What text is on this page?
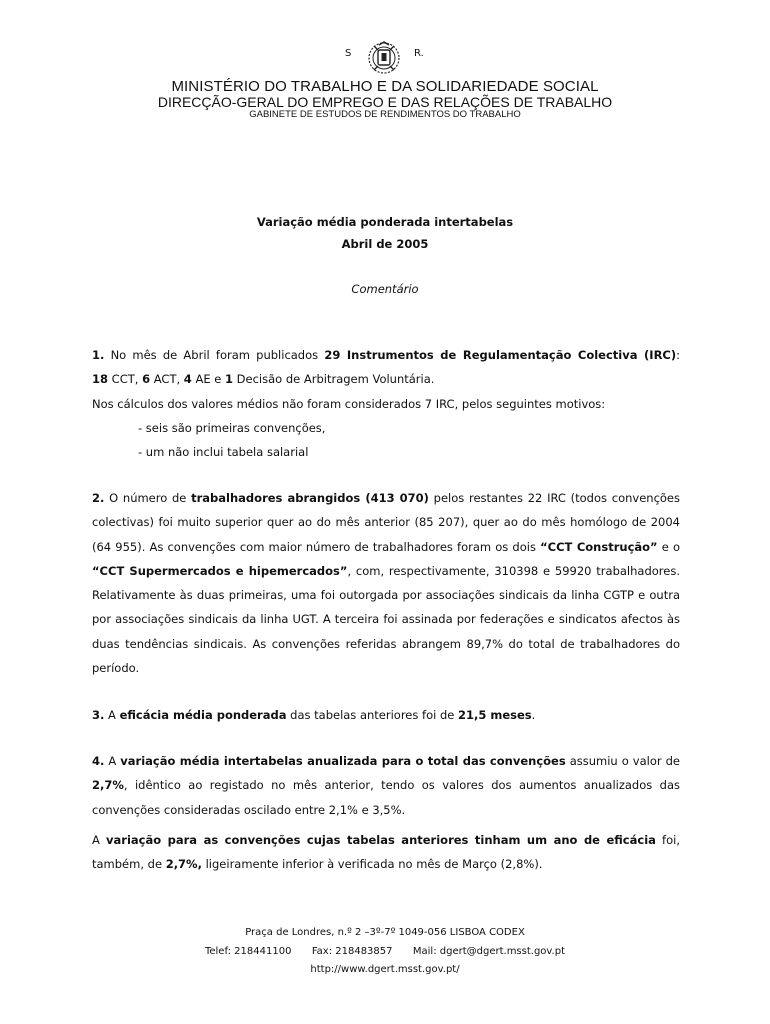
S	R.
MINISTÉRIO DO TRABALHO E DA SOLIDARIEDADE SOCIAL
DIRECÇÃO-GERAL DO EMPREGO E DAS RELAÇÕES DE TRABALHO
GABINETE DE ESTUDOS DE RENDIMENTOS DO TRABALHO
Variação média ponderada intertabelas
Abril de 2005
Comentário

1. No mês de Abril foram publicados 29 Instrumentos de Regulamentação Colectiva (IRC):

18 CCT, 6 ACT, 4 AE e 1 Decisão de Arbitragem Voluntária.

Nos cálculos dos valores médios não foram considerados 7 IRC, pelos seguintes motivos:

- seis são primeiras convenções,

- um não inclui tabela salarial

2. O número de trabalhadores abrangidos (413 070) pelos restantes 22 IRC (todos convenções colectivas) foi muito superior quer ao do mês anterior (85 207), quer ao do mês homólogo de 2004 (64 955). As convenções com maior número de trabalhadores foram os dois “CCT Construção” e o “CCT Supermercados e hipemercados”, com, respectivamente, 310398 e 59920 trabalhadores. Relativamente às duas primeiras, uma foi outorgada por associações sindicais da linha CGTP e outra por associações sindicais da linha UGT. A terceira foi assinada por federações e sindicatos afectos às duas tendências sindicais. As convenções referidas abrangem 89,7% do total de trabalhadores do período.

3. A eficácia média ponderada das tabelas anteriores foi de 21,5 meses.

4. A variação média intertabelas anualizada para o total das convenções assumiu o valor de 2,7%, idêntico ao registado no mês anterior, tendo os valores dos aumentos anualizados das convenções consideradas oscilado entre 2,1% e 3,5%.

A variação para as convenções cujas tabelas anteriores tinham um ano de eficácia foi, também, de 2,7%, ligeiramente inferior à verificada no mês de Março (2,8%).

Praça de Londres, n.º 2 –3º-7º 1049-056 LISBOA CODEX
Telef: 218441100 Fax: 218483857 Mail: dgert@dgert.msst.gov.pt
http://www.dgert.msst.gov.pt/
